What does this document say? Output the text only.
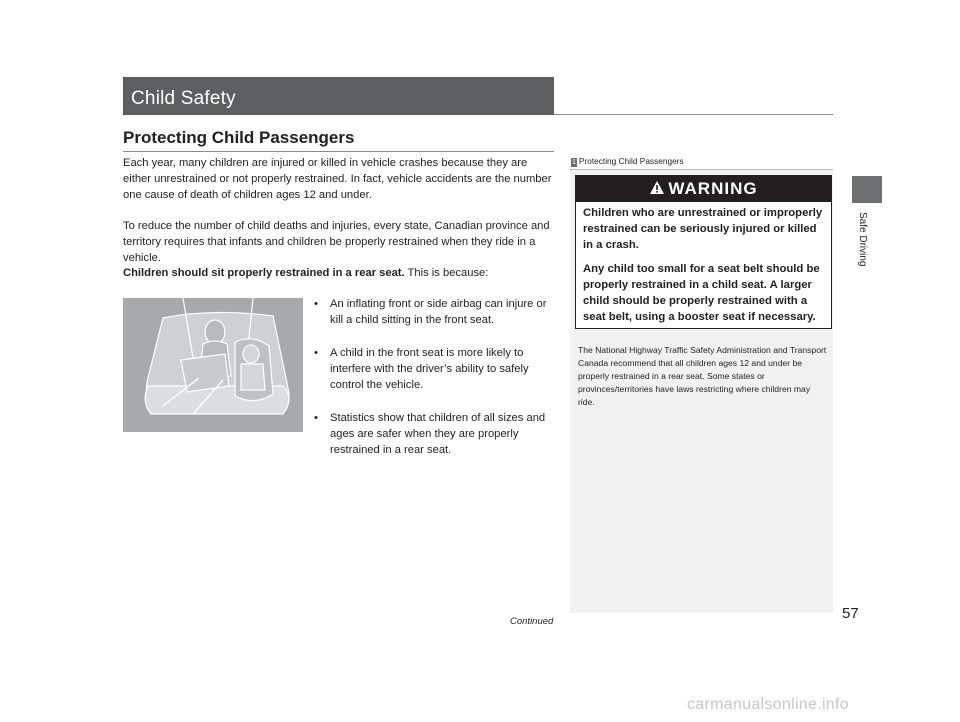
Child Safety
Protecting Child Passengers

Each year, many children are injured or killed in vehicle crashes because they are either unrestrained or not properly restrained. In fact, vehicle accidents are the number one cause of death of children ages 12 and under.

To reduce the number of child deaths and injuries, every state, Canadian province and territory requires that infants and children be properly restrained when they ride in a vehicle.

Children should sit properly restrained in a rear seat. This is because:

• An inflating front or side airbag can injure or kill a child sitting in the front seat.
• A child in the front seat is more likely to interfere with the driver’s ability to safely control the vehicle.
• Statistics show that children of all sizes and ages are safer when they are properly restrained in a rear seat.
Continued
1 Protecting Child Passengers
WARNING

Children who are unrestrained or improperly restrained can be seriously injured or killed in a crash.

Any child too small for a seat belt should be properly restrained in a child seat. A larger child should be properly restrained with a seat belt, using a booster seat if necessary.

The National Highway Traffic Safety Administration and Transport Canada recommend that all children ages 12 and under be properly restrained in a rear seat. Some states or provinces/territories have laws restricting where children may ride.

Safe Driving
57
carmanualsonline.info
